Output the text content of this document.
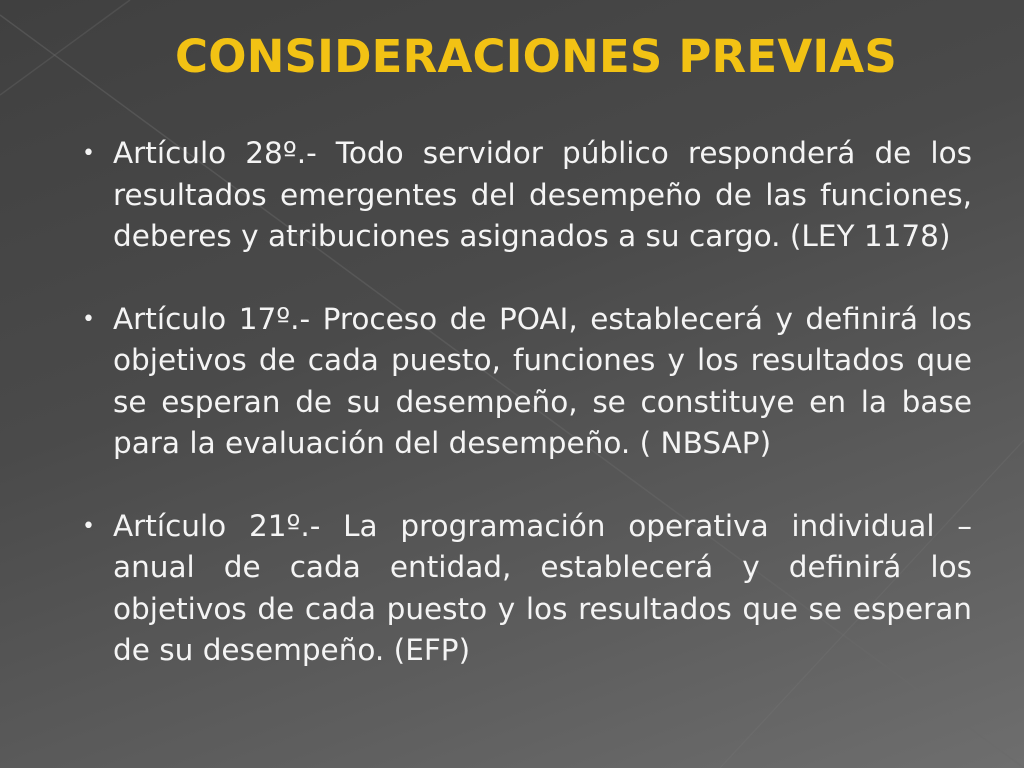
CONSIDERACIONES PREVIAS
• Artículo 28º.- Todo servidor público responderá de los resultados emergentes del desempeño de las funciones, deberes y atribuciones asignados a su cargo. (LEY 1178)
• Artículo 17º.- Proceso de POAI, establecerá y definirá los objetivos de cada puesto, funciones y los resultados que se esperan de su desempeño, se constituye en la base para la evaluación del desempeño. ( NBSAP)
• Artículo 21º.- La programación operativa individual – anual de cada entidad, establecerá y definirá los objetivos de cada puesto y los resultados que se esperan de su desempeño. (EFP)
